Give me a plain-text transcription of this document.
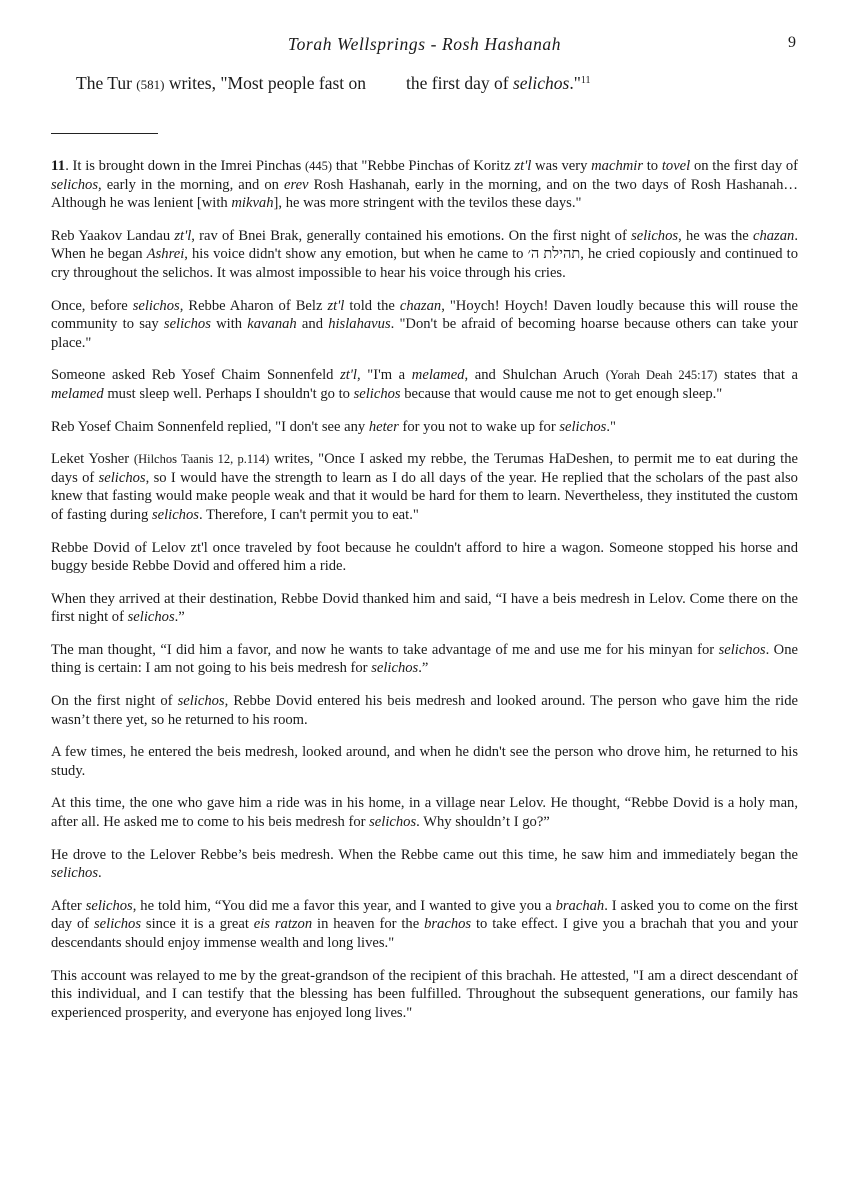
Torah Wellsprings - Rosh Hashanah	9
The Tur (581) writes, "Most people fast on the first day of selichos."$^{11}$

11. It is brought down in the Imrei Pinchas (445) that "Rebbe Pinchas of Koritz zt'l was very machmir to tovel on the first day of selichos, early in the morning, and on erev Rosh Hashanah, early in the morning, and on the two days of Rosh Hashanah… Although he was lenient [with mikvah], he was more stringent with the tevilos these days."

Reb Yaakov Landau zt'l, rav of Bnei Brak, generally contained his emotions. On the first night of selichos, he was the chazan. When he began Ashrei, his voice didn't show any emotion, but when he came to תהילת ה׳, he cried copiously and continued to cry throughout the selichos. It was almost impossible to hear his voice through his cries.

Once, before selichos, Rebbe Aharon of Belz zt'l told the chazan, "Hoych! Hoych! Daven loudly because this will rouse the community to say selichos with kavanah and hislahavus. "Don't be afraid of becoming hoarse because others can take your place."

Someone asked Reb Yosef Chaim Sonnenfeld zt'l, "I'm a melamed, and Shulchan Aruch (Yorah Deah 245:17) states that a melamed must sleep well. Perhaps I shouldn't go to selichos because that would cause me not to get enough sleep."

Reb Yosef Chaim Sonnenfeld replied, "I don't see any heter for you not to wake up for selichos."

Leket Yosher (Hilchos Taanis 12, p.114) writes, "Once I asked my rebbe, the Terumas HaDeshen, to permit me to eat during the days of selichos, so I would have the strength to learn as I do all days of the year. He replied that the scholars of the past also knew that fasting would make people weak and that it would be hard for them to learn. Nevertheless, they instituted the custom of fasting during selichos. Therefore, I can't permit you to eat."

Rebbe Dovid of Lelov zt'l once traveled by foot because he couldn't afford to hire a wagon. Someone stopped his horse and buggy beside Rebbe Dovid and offered him a ride.

When they arrived at their destination, Rebbe Dovid thanked him and said, “I have a beis medresh in Lelov. Come there on the first night of selichos.”

The man thought, “I did him a favor, and now he wants to take advantage of me and use me for his minyan for selichos. One thing is certain: I am not going to his beis medresh for selichos.”

On the first night of selichos, Rebbe Dovid entered his beis medresh and looked around. The person who gave him the ride wasn’t there yet, so he returned to his room.

A few times, he entered the beis medresh, looked around, and when he didn't see the person who drove him, he returned to his study.

At this time, the one who gave him a ride was in his home, in a village near Lelov. He thought, “Rebbe Dovid is a holy man, after all. He asked me to come to his beis medresh for selichos. Why shouldn’t I go?”

He drove to the Lelover Rebbe’s beis medresh. When the Rebbe came out this time, he saw him and immediately began the selichos.

After selichos, he told him, “You did me a favor this year, and I wanted to give you a brachah. I asked you to come on the first day of selichos since it is a great eis ratzon in heaven for the brachos to take effect. I give you a brachah that you and your descendants should enjoy immense wealth and long lives."

This account was relayed to me by the great-grandson of the recipient of this brachah. He attested, "I am a direct descendant of this individual, and I can testify that the blessing has been fulfilled. Throughout the subsequent generations, our family has experienced prosperity, and everyone has enjoyed long lives."
